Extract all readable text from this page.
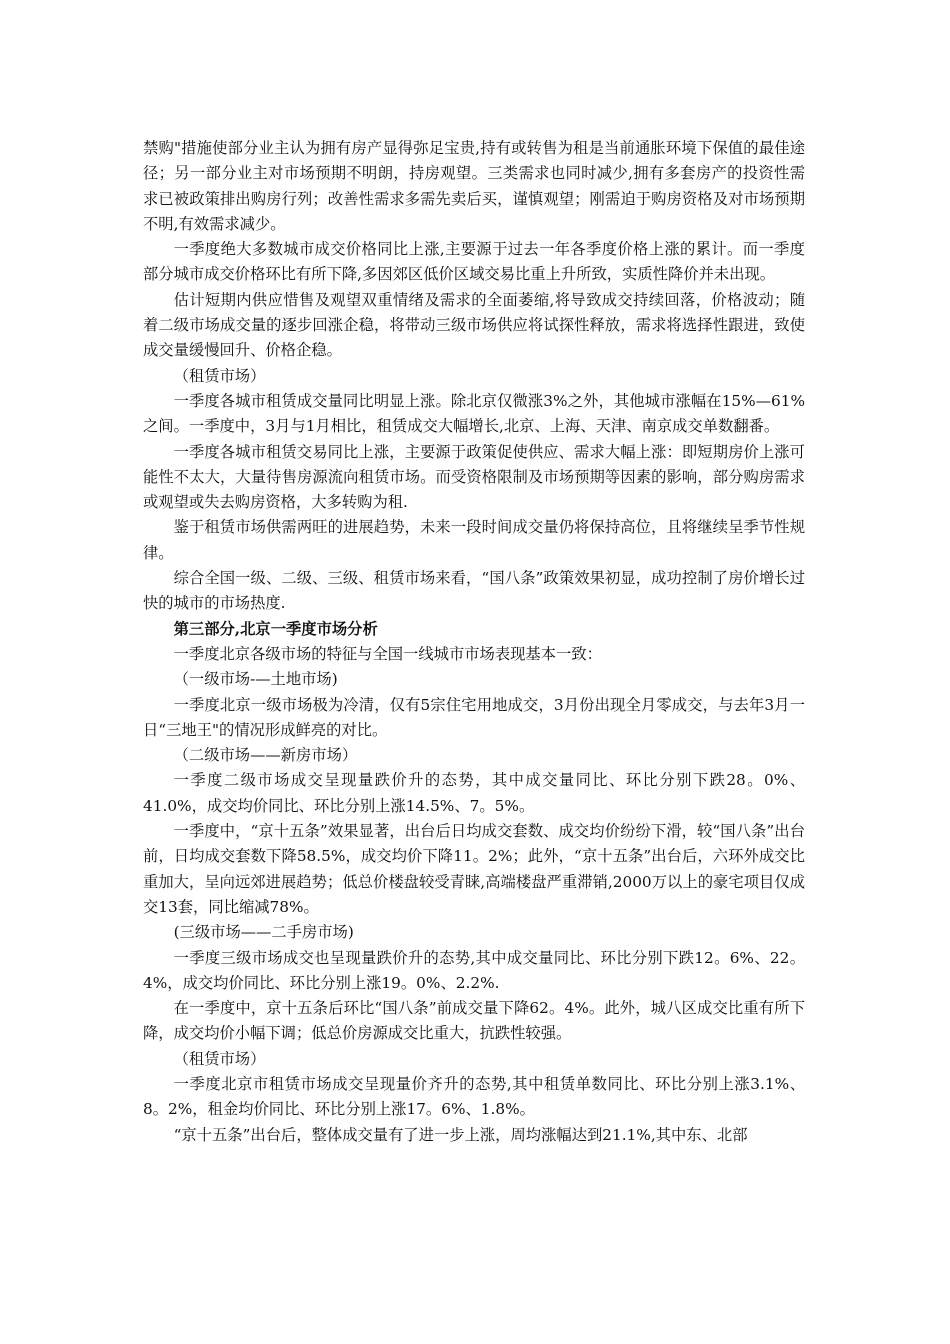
禁购"措施使部分业主认为拥有房产显得弥足宝贵,持有或转售为租是当前通胀环境下保值的最佳途径；另一部分业主对市场预期不明朗，持房观望。三类需求也同时减少,拥有多套房产的投资性需求已被政策排出购房行列；改善性需求多需先卖后买，谨慎观望；刚需迫于购房资格及对市场预期不明,有效需求减少。

一季度绝大多数城市成交价格同比上涨,主要源于过去一年各季度价格上涨的累计。而一季度部分城市成交价格环比有所下降,多因郊区低价区域交易比重上升所致，实质性降价并未出现。

估计短期内供应惜售及观望双重情绪及需求的全面萎缩,将导致成交持续回落，价格波动；随着二级市场成交量的逐步回涨企稳，将带动三级市场供应将试探性释放，需求将选择性跟进，致使成交量缓慢回升、价格企稳。

（租赁市场）

一季度各城市租赁成交量同比明显上涨。除北京仅微涨3%之外，其他城市涨幅在15%—61%之间。一季度中，3月与1月相比，租赁成交大幅增长,北京、上海、天津、南京成交单数翻番。

一季度各城市租赁交易同比上涨，主要源于政策促使供应、需求大幅上涨：即短期房价上涨可能性不太大，大量待售房源流向租赁市场。而受资格限制及市场预期等因素的影响，部分购房需求或观望或失去购房资格，大多转购为租.

鉴于租赁市场供需两旺的进展趋势，未来一段时间成交量仍将保持高位，且将继续呈季节性规律。

综合全国一级、二级、三级、租赁市场来看，“国八条”政策效果初显，成功控制了房价增长过快的城市的市场热度.

第三部分,北京一季度市场分析

一季度北京各级市场的特征与全国一线城市市场表现基本一致：

（一级市场-—土地市场)

一季度北京一级市场极为冷清，仅有5宗住宅用地成交，3月份出现全月零成交，与去年3月一日“三地王"的情况形成鲜亮的对比。

（二级市场——新房市场）

一季度二级市场成交呈现量跌价升的态势，其中成交量同比、环比分别下跌28。0%、41.0%，成交均价同比、环比分别上涨14.5%、7。5%。

一季度中，“京十五条”效果显著，出台后日均成交套数、成交均价纷纷下滑，较“国八条”出台前，日均成交套数下降58.5%，成交均价下降11。2%；此外，“京十五条”出台后，六环外成交比重加大，呈向远郊进展趋势；低总价楼盘较受青睐,高端楼盘严重滞销,2000万以上的豪宅项目仅成交13套，同比缩减78%。

(三级市场——二手房市场)

一季度三级市场成交也呈现量跌价升的态势,其中成交量同比、环比分别下跌12。6%、22。4%，成交均价同比、环比分别上涨19。0%、2.2%.

在一季度中，京十五条后环比“国八条”前成交量下降62。4%。此外，城八区成交比重有所下降，成交均价小幅下调；低总价房源成交比重大，抗跌性较强。

（租赁市场）

一季度北京市租赁市场成交呈现量价齐升的态势,其中租赁单数同比、环比分别上涨3.1%、8。2%，租金均价同比、环比分别上涨17。6%、1.8%。

“京十五条”出台后，整体成交量有了进一步上涨，周均涨幅达到21.1%,其中东、北部
